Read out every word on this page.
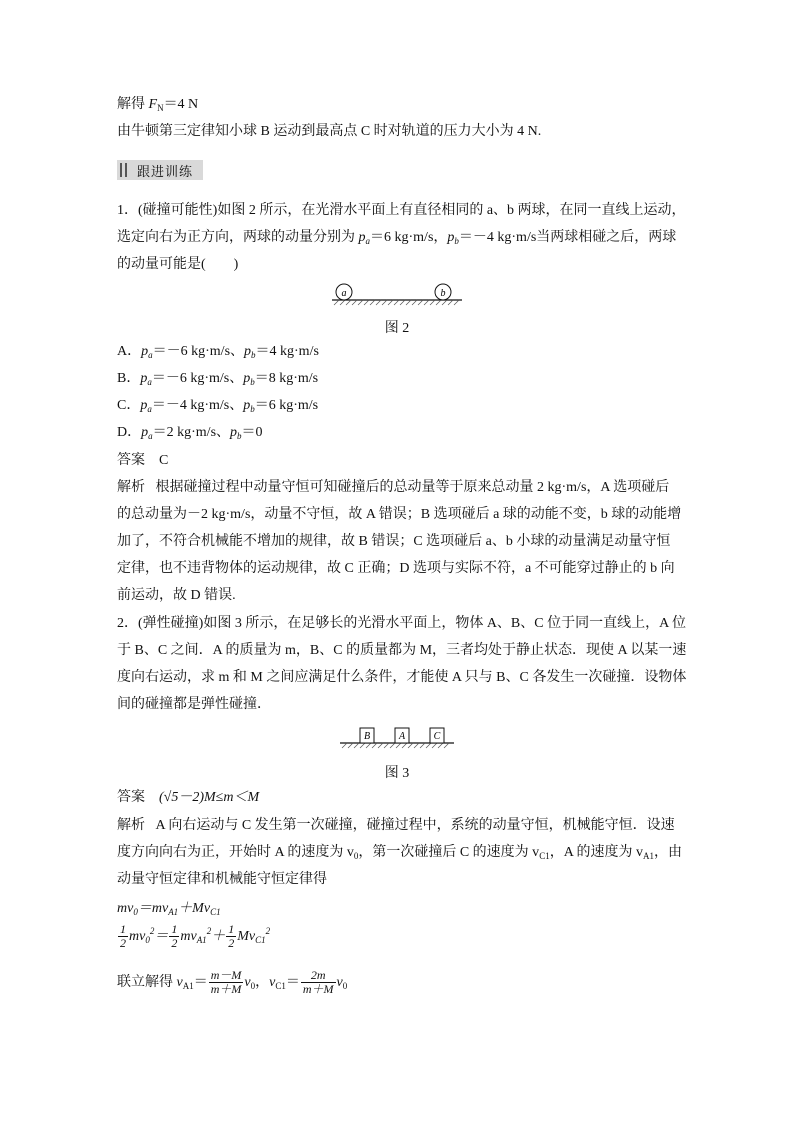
解得 $F_N=4$ N
由牛顿第三定律知小球 B 运动到最高点 C 时对轨道的压力大小为 4 N.
跟进训练
1．(碰撞可能性)如图 2 所示，在光滑水平面上有直径相同的 a、b 两球，在同一直线上运动，
选定向右为正方向，两球的动量分别为 $p_a=6$ kg·m/s，$p_b=-4$ kg·m/s当两球相碰之后，两球
的动量可能是(　　)
a	b
图 2
A．$p_a=-6$ kg·m/s、$p_b=4$ kg·m/s
B．$p_a=-6$ kg·m/s、$p_b=8$ kg·m/s
C．$p_a=-4$ kg·m/s、$p_b=6$ kg·m/s
D．$p_a=2$ kg·m/s、$p_b=0$
答案 C
解析 根据碰撞过程中动量守恒可知碰撞后的总动量等于原来总动量 2 kg·m/s，A 选项碰后
的总动量为－2 kg·m/s，动量不守恒，故 A 错误；B 选项碰后 a 球的动能不变，b 球的动能增
加了，不符合机械能不增加的规律，故 B 错误；C 选项碰后 a、b 小球的动量满足动量守恒
定律，也不违背物体的运动规律，故 C 正确；D 选项与实际不符，a 不可能穿过静止的 b 向
前运动，故 D 错误.
2．(弹性碰撞)如图 3 所示，在足够长的光滑水平面上，物体 A、B、C 位于同一直线上，A 位
于 B、C 之间．A 的质量为 m，B、C 的质量都为 M，三者均处于静止状态．现使 A 以某一速
度向右运动，求 m 和 M 之间应满足什么条件，才能使 A 只与 B、C 各发生一次碰撞．设物体
间的碰撞都是弹性碰撞．
B	A	C
图 3
答案 (√5－2)M≤m＜M
解析 A 向右运动与 C 发生第一次碰撞，碰撞过程中，系统的动量守恒，机械能守恒．设速
度方向向右为正，开始时 A 的速度为 $v_0$，第一次碰撞后 C 的速度为 $v_{C1}$，A 的速度为 $v_{A1}$，由
动量守恒定律和机械能守恒定律得
$mv_0=mv_{A1}+Mv_{C1}$
$\frac{1}{2} mv_0^2= \frac{1}{2} mv_{A1}^2+ \frac{1}{2} Mv_{C1}^2$
联立解得 $v_{A1}= \frac{m-M}{m+M} v_0$，$v_{C1}= \frac{2m}{m+M} v_0$
